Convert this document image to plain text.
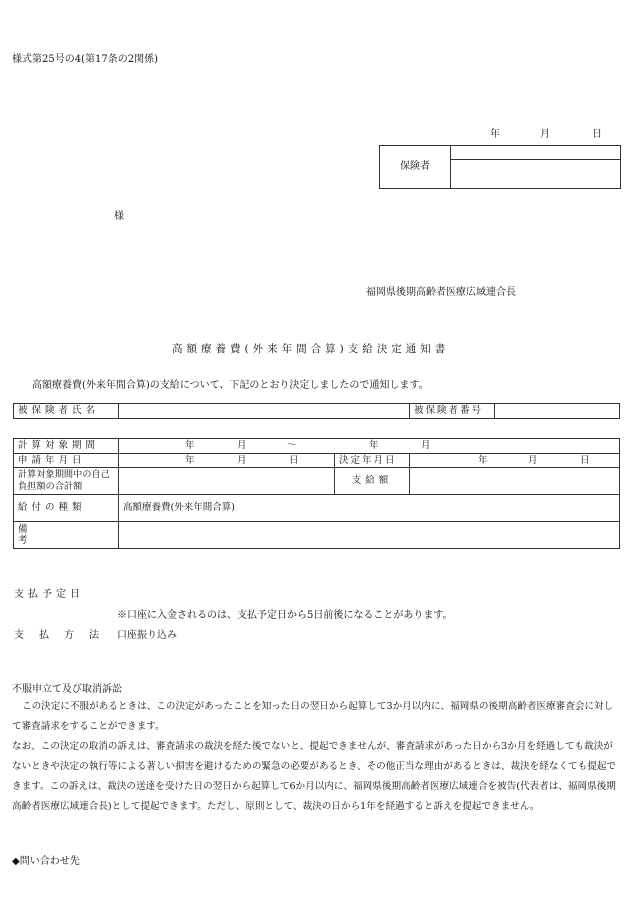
様式第25号の4(第17条の2関係)
年	月	日
保険者	

様
福岡県後期高齢者医療広域連合長
高額療養費(外来年間合算)支給決定通知書
高額療養費(外来年間合算)の支給について、下記のとおり決定しましたので通知します。
被保険者氏名		被保険者番号	
計算対象期間	年 月 ～ 年 月		

申請年月日	年 月 日	決定年月日	年 月 日

計算対象期間中の自己負担額の合計額		支給額	
給付の種類	高額療養費(外来年間合算)		
備考			
支払予定日
※口座に入金されるのは、支払予定日から5日前後になることがあります。
支払方法 口座振り込み
不服申立て及び取消訴訟
この決定に不服があるときは、この決定があったことを知った日の翌日から起算して3か月以内に、福岡県の後期高齢者医療審査会に対して審査請求をすることができます。
なお、この決定の取消の訴えは、審査請求の裁決を経た後でないと、提起できませんが、審査請求があった日から3か月を経過しても裁決がないときや決定の執行等による著しい損害を避けるための緊急の必要があるとき、その他正当な理由があるときは、裁決を経なくても提起できます。この訴えは、裁決の送達を受けた日の翌日から起算して6か月以内に、福岡県後期高齢者医療広域連合を被告(代表者は、福岡県後期高齢者医療広域連合長)として提起できます。ただし、原則として、裁決の日から1年を経過すると訴えを提起できません。
◆問い合わせ先
